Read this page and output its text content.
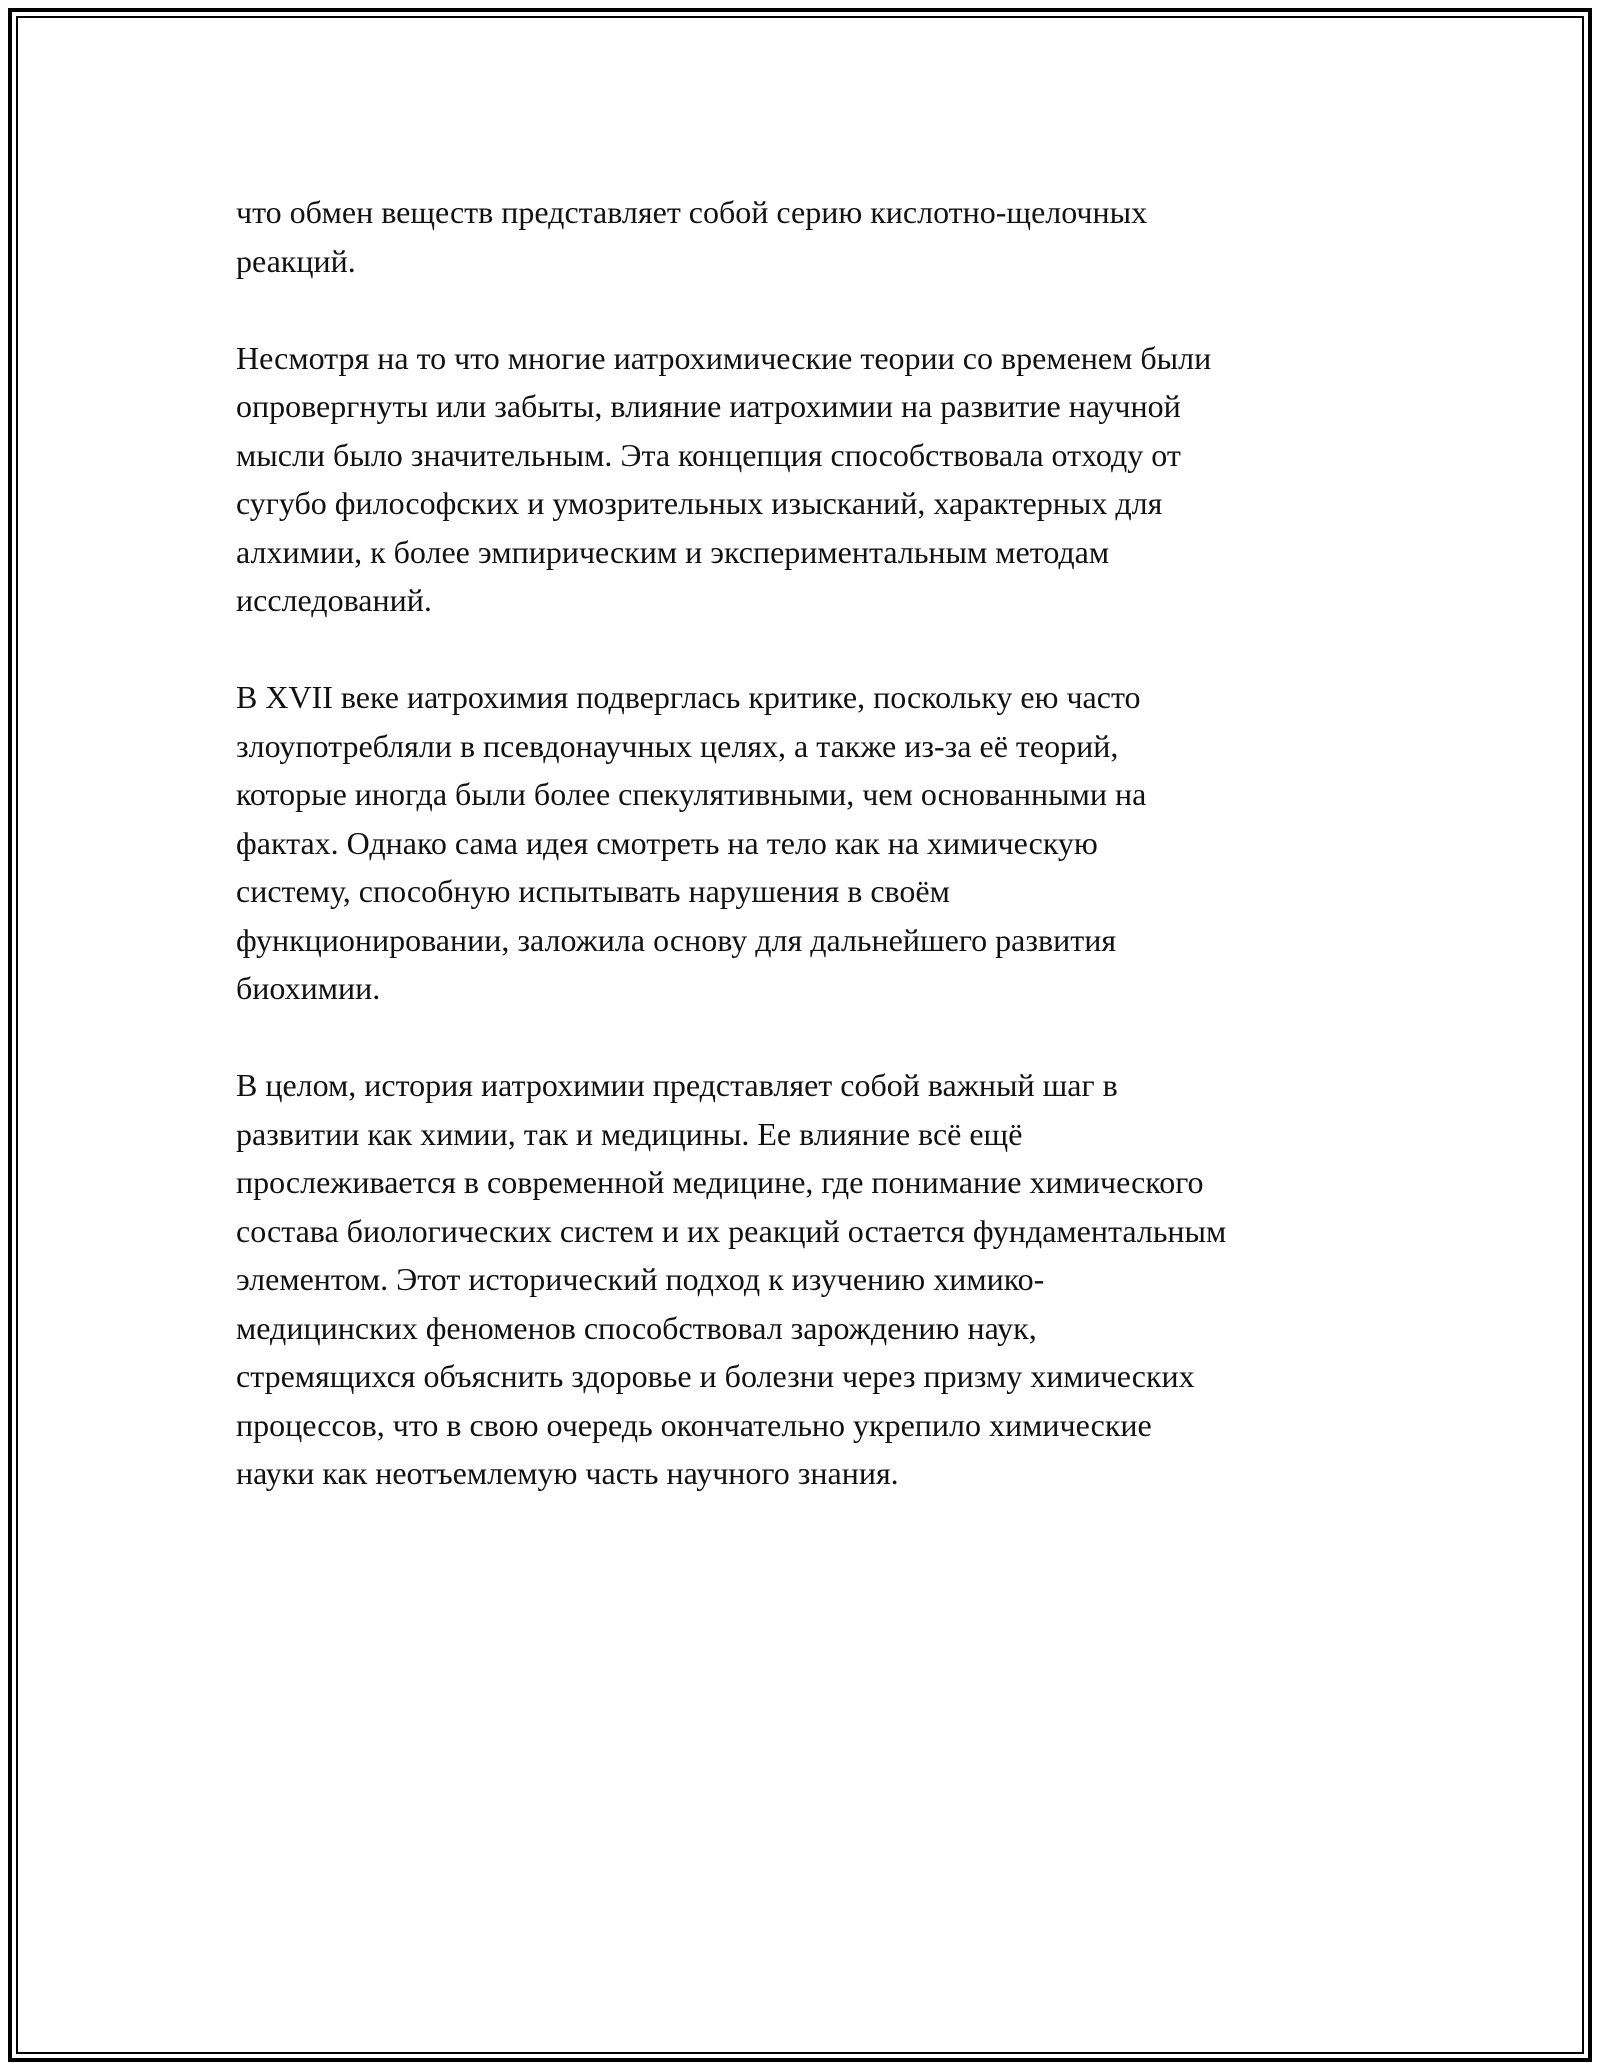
что обмен веществ представляет собой серию кислотно-щелочных
реакций.

Несмотря на то что многие иатрохимические теории со временем были
опровергнуты или забыты, влияние иатрохимии на развитие научной
мысли было значительным. Эта концепция способствовала отходу от
сугубо философских и умозрительных изысканий, характерных для
алхимии, к более эмпирическим и экспериментальным методам
исследований.

В XVII веке иатрохимия подверглась критике, поскольку ею часто
злоупотребляли в псевдонаучных целях, а также из-за её теорий,
которые иногда были более спекулятивными, чем основанными на
фактах. Однако сама идея смотреть на тело как на химическую
систему, способную испытывать нарушения в своём
функционировании, заложила основу для дальнейшего развития
биохимии.

В целом, история иатрохимии представляет собой важный шаг в
развитии как химии, так и медицины. Ее влияние всё ещё
прослеживается в современной медицине, где понимание химического
состава биологических систем и их реакций остается фундаментальным
элементом. Этот исторический подход к изучению химико-
медицинских феноменов способствовал зарождению наук,
стремящихся объяснить здоровье и болезни через призму химических
процессов, что в свою очередь окончательно укрепило химические
науки как неотъемлемую часть научного знания.
